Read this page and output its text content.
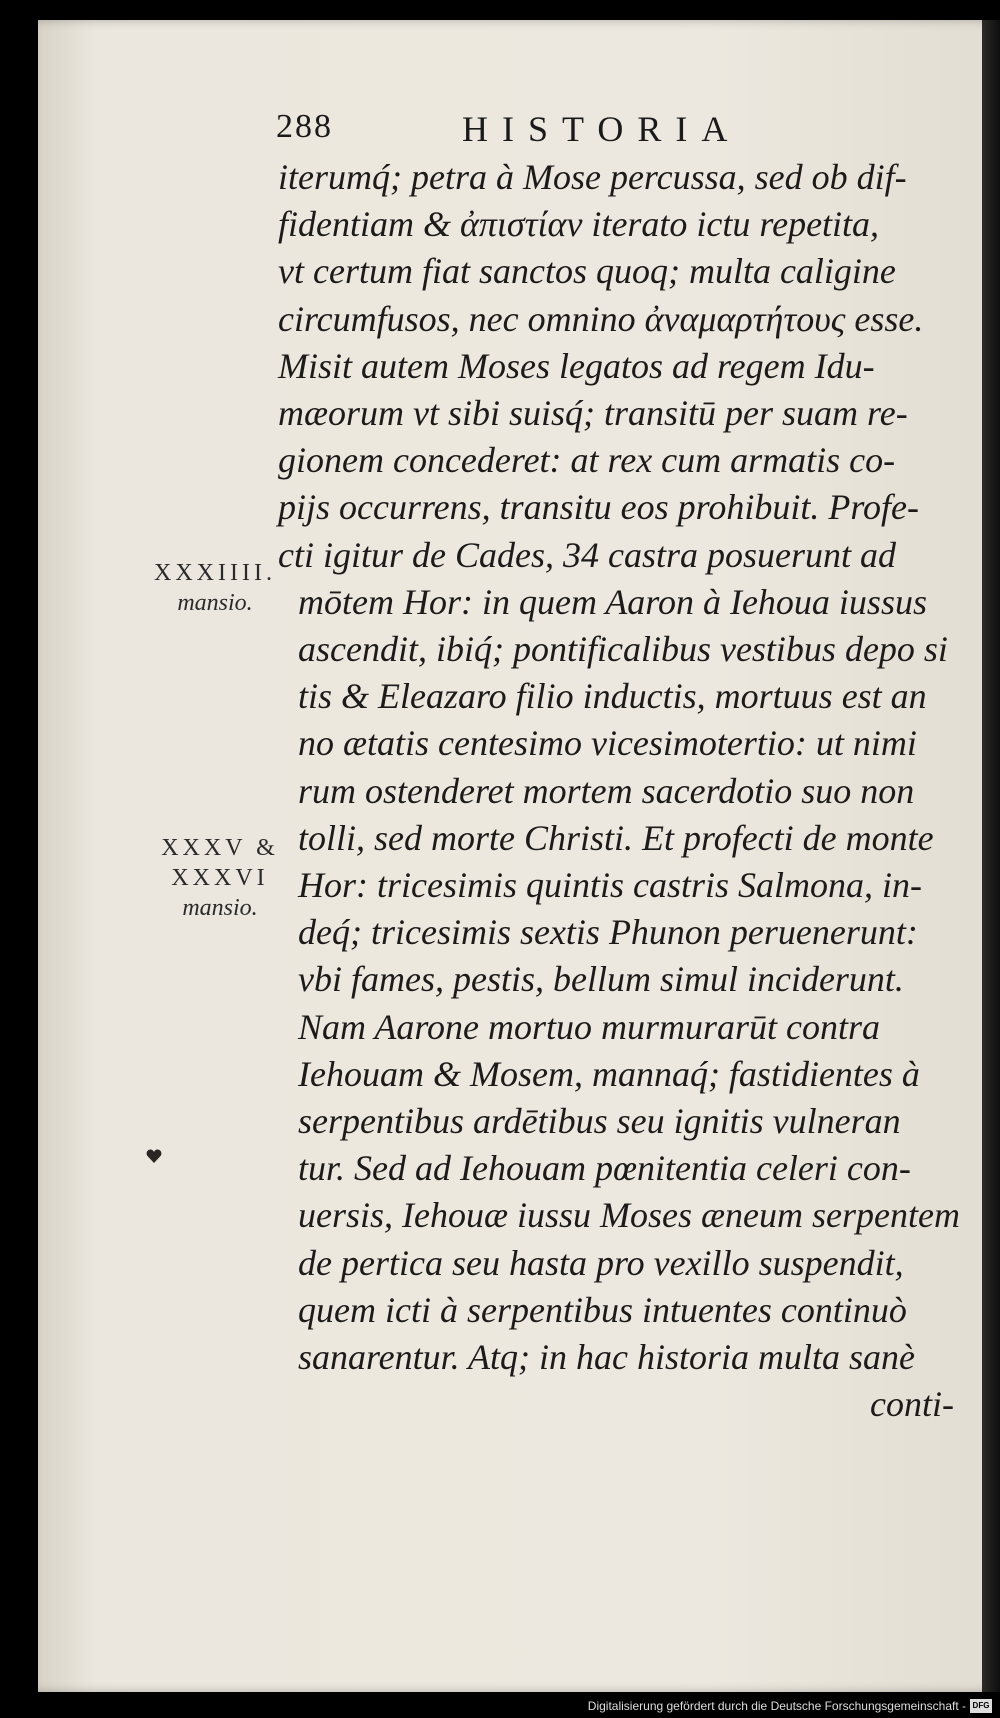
288	HISTORIA
iterumq́; petra à Mose percussa, sed ob dif-
fidentiam & ἀπιστίαν iterato ictu repetita,
vt certum fiat sanctos quoq; multa caligine
circumfusos, nec omnino ἀναμαρτήτους esse.
Misit autem Moses legatos ad regem Idu-
mæorum vt sibi suisq́; transitū per suam re-
gionem concederet: at rex cum armatis co-
pijs occurrens, transitu eos prohibuit. Profe-
cti igitur de Cades, 34 castra posuerunt ad
mōtem Hor: in quem Aaron à Iehoua iussus
ascendit, ibiq́; pontificalibus vestibus depo si
tis & Eleazaro filio inductis, mortuus est an
no ætatis centesimo vicesimotertio: ut nimi
rum ostenderet mortem sacerdotio suo non
tolli, sed morte Christi. Et profecti de monte
Hor: tricesimis quintis castris Salmona, in-
deq́; tricesimis sextis Phunon peruenerunt:
vbi fames, pestis, bellum simul inciderunt.
Nam Aarone mortuo murmurarūt contra
Iehouam & Mosem, mannaq́; fastidientes à
serpentibus ardētibus seu ignitis vulneran
tur. Sed ad Iehouam pœnitentia celeri con-
uersis, Iehouæ iussu Moses æneum serpentem
de pertica seu hasta pro vexillo suspendit,
quem icti à serpentibus intuentes continuò
sanarentur. Atq; in hac historia multa sanè
conti-
XXXIIII.
mansio.
XXXV &
XXXVI
mansio.
Digitalisierung gefördert durch die Deutsche Forschungsgemeinschaft - DFG
